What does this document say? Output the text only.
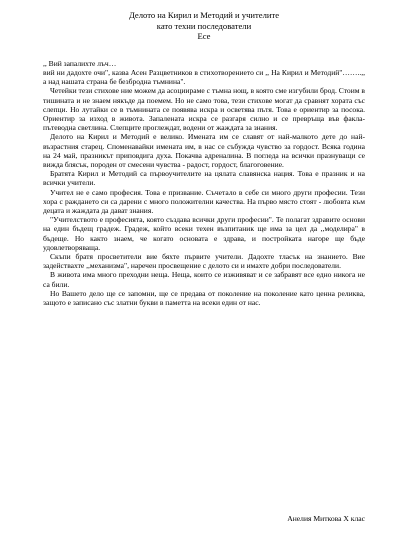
Делото на Кирил и Методий и учителите

като техни последователи

Есе

,, Вий запалихте лъч…

вий ни дадохте очи", казва Асен Разцветников в стихотворението си ,, На Кирил и Методий"……..,, а над нашата страна бе безбродна тъмнина".

Четейки тези стихове ние можем да асоциираме с тъмна нощ, в която сме изгубили брод. Стоим в тишината и не знаем някъде да поемем. Но не само това, тези стихове могат да сравнят хората със слепци. Но лутайки се в тъмнината се появява искра и осветява пътя. Това е ориентир за посока. Ориентир за изход в живота. Запалената искра се разгаря силно и се превръща във факла- пътеводна светлина. Слепците проглеждат, водени от жаждата за знания.

Делото на Кирил и Методий е велико. Имената им се славят от най-малкото дете до най-възрастния старец. Споменавайки имената им, в нас се събужда чувство за гордост. Всяка година на 24 май, празникът приповдига духа. Покачва адреналина. В погледа на всички празнуващи се вижда блясък, породен от смесени чувства - радост, гордост, благоговение.

Братята Кирил и Методий са първоучителите на цялата славянска нация. Това е празник и на всички учители.

Учител не е само професия. Това е призвание. Съчетало в себе си много други професии. Тези хора с раждането си са дарени с много положителни качества. На първо място стоят - любовта към децата и жаждата да дават знания.

"Учителството е професията, която създава всички други професии". Те полагат здравите основи на един бъдещ градеж. Градеж, който всеки техен възпитаник ще има за цел да ,,моделира" в бъдеще. Но както знаем, че когато основата е здрава, и постройката нагоре ще бъде удовлетворяваща.

Скъпи братя просветители вие бяхте първите учители. Дадохте тласък на знанието. Вие задействахте ,,механизма", наречен просвещение с делото си и имахте добри последователи.

В живота има много преходни неща. Неща, които се изживяват и се забравят все едно никога не са били.

Но Вашето дело ще се запомни, ще се предава от поколение на поколение като ценна реликва, защото е записано със златни букви в паметта на всеки един от нас.

Анелия Миткова Х клас
